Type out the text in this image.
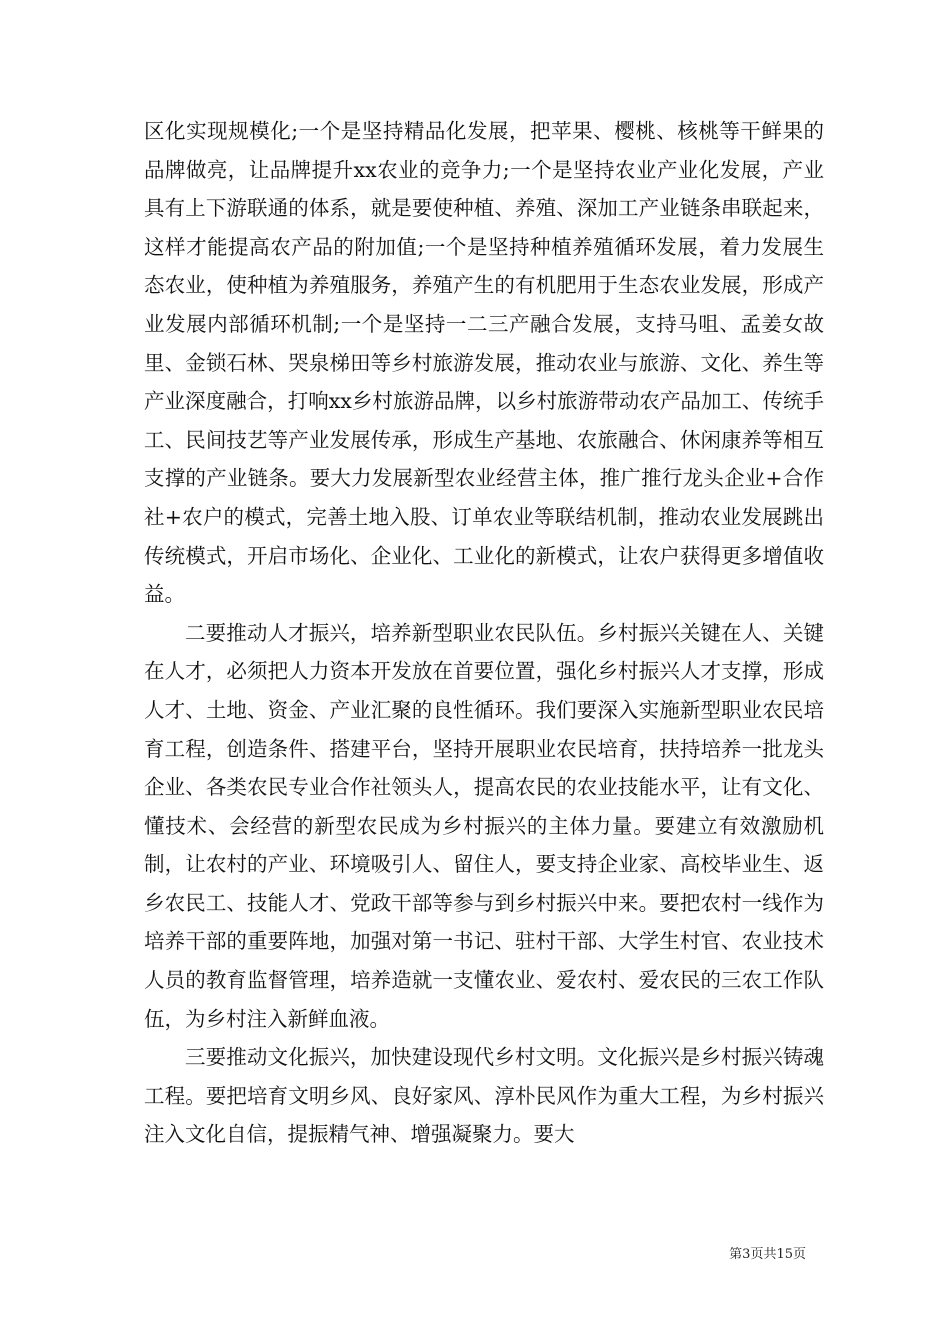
区化实现规模化;一个是坚持精品化发展，把苹果、樱桃、核桃等干鲜果的品牌做亮，让品牌提升xx农业的竞争力;一个是坚持农业产业化发展，产业具有上下游联通的体系，就是要使种植、养殖、深加工产业链条串联起来，这样才能提高农产品的附加值;一个是坚持种植养殖循环发展，着力发展生态农业，使种植为养殖服务，养殖产生的有机肥用于生态农业发展，形成产业发展内部循环机制;一个是坚持一二三产融合发展，支持马咀、孟姜女故里、金锁石林、哭泉梯田等乡村旅游发展，推动农业与旅游、文化、养生等产业深度融合，打响xx乡村旅游品牌，以乡村旅游带动农产品加工、传统手工、民间技艺等产业发展传承，形成生产基地、农旅融合、休闲康养等相互支撑的产业链条。要大力发展新型农业经营主体，推广推行龙头企业+合作社+农户的模式，完善土地入股、订单农业等联结机制，推动农业发展跳出传统模式，开启市场化、企业化、工业化的新模式，让农户获得更多增值收益。

二要推动人才振兴，培养新型职业农民队伍。乡村振兴关键在人、关键在人才，必须把人力资本开发放在首要位置，强化乡村振兴人才支撑，形成人才、土地、资金、产业汇聚的良性循环。我们要深入实施新型职业农民培育工程，创造条件、搭建平台，坚持开展职业农民培育，扶持培养一批龙头企业、各类农民专业合作社领头人，提高农民的农业技能水平，让有文化、懂技术、会经营的新型农民成为乡村振兴的主体力量。要建立有效激励机制，让农村的产业、环境吸引人、留住人，要支持企业家、高校毕业生、返乡农民工、技能人才、党政干部等参与到乡村振兴中来。要把农村一线作为培养干部的重要阵地，加强对第一书记、驻村干部、大学生村官、农业技术人员的教育监督管理，培养造就一支懂农业、爱农村、爱农民的三农工作队伍，为乡村注入新鲜血液。

三要推动文化振兴，加快建设现代乡村文明。文化振兴是乡村振兴铸魂工程。要把培育文明乡风、良好家风、淳朴民风作为重大工程，为乡村振兴注入文化自信，提振精气神、增强凝聚力。要大

第3页共15页
